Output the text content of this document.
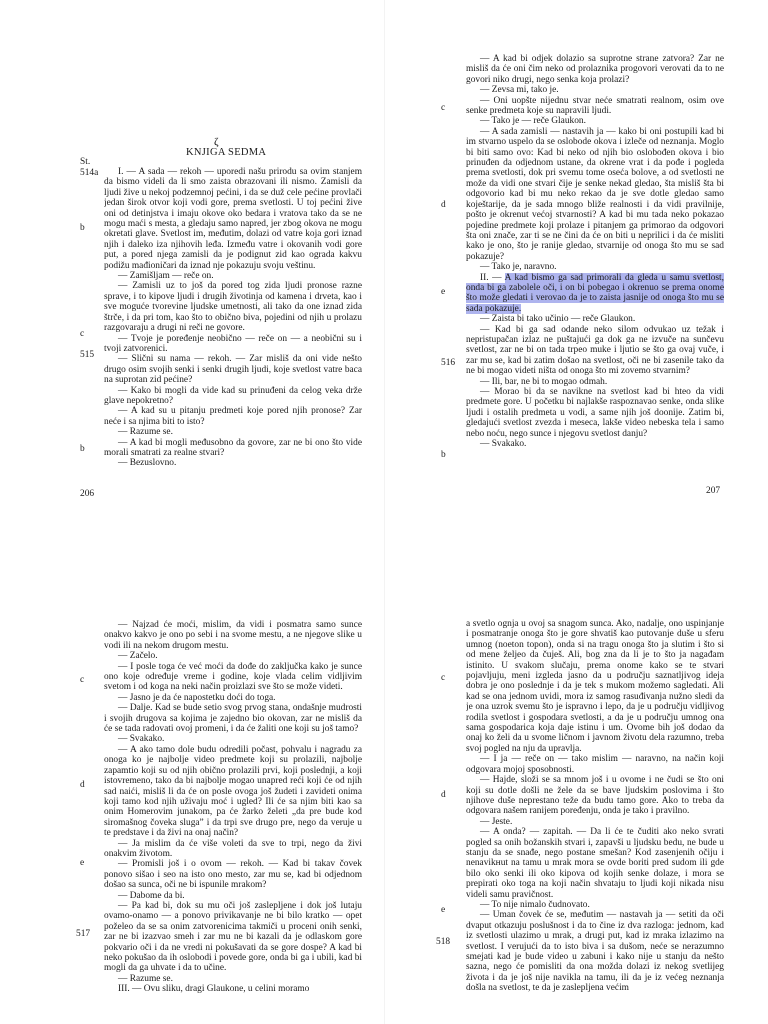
ζ
KNJIGA SEDMA
St.
514a
b
c
515
b

I. — A sada — rekoh — uporedi našu prirodu sa ovim stanjem da bismo videli da li smo zaista obrazovani ili nismo. Zamisli da ljudi žive u nekoj podzemnoj pećini, i da se duž cele pećine provlači jedan širok otvor koji vodi gore, prema svetlosti. U toj pećini žive oni od detinjstva i imaju okove oko bedara i vratova tako da se ne mogu maći s mesta, a gledaju samo napred, jer zbog okova ne mogu okretati glave. Svetlost im, međutim, dolazi od vatre koja gori iznad njih i daleko iza njihovih leđa. Između vatre i okovanih vodi gore put, a pored njega zamisli da je podignut zid kao ograda kakvu podižu mađioničari da iznad nje pokazuju svoju veštinu.

— Zamišljam — reče on.

— Zamisli uz to još da pored tog zida ljudi pronose razne sprave, i to kipove ljudi i drugih životinja od kamena i drveta, kao i sve moguće tvorevine ljudske umetnosti, ali tako da one iznad zida štrče, i da pri tom, kao što to obično biva, pojedini od njih u prolazu razgovaraju a drugi ni reči ne govore.

— Tvoje je poređenje neobično — reče on — a neobični su i tvoji zatvorenici.

— Slični su nama — rekoh. — Zar misliš da oni vide nešto drugo osim svojih senki i senki drugih ljudi, koje svetlost vatre baca na suprotan zid pećine?

— Kako bi mogli da vide kad su prinuđeni da celog veka drže glave nepokretno?

— A kad su u pitanju predmeti koje pored njih pronose? Zar neće i sa njima biti to isto?

— Razume se.

— A kad bi mogli međusobno da govore, zar ne bi ono što vide morali smatrati za realne stvari?

— Bezuslovno.

206
c
d
e
516
b

— A kad bi odjek dolazio sa suprotne strane zatvora? Zar ne misliš da će oni čim neko od prolaznika progovori verovati da to ne govori niko drugi, nego senka koja prolazi?

— Zevsa mi, tako je.

— Oni uopšte nijednu stvar neće smatrati realnom, osim ove senke predmeta koje su napravili ljudi.

— Tako je — reče Glaukon.

— A sada zamisli — nastavih ja — kako bi oni postupili kad bi im stvarno uspelo da se oslobode okova i izleče od neznanja. Moglo bi biti samo ovo: Kad bi neko od njih bio oslobođen okova i bio prinuđen da odjednom ustane, da okrene vrat i da pođe i pogleda prema svetlosti, dok pri svemu tome oseća bolove, a od svetlosti ne može da vidi one stvari čije je senke nekad gledao, šta misliš šta bi odgovorio kad bi mu neko rekao da je sve dotle gledao samo koještarije, da je sada mnogo bliže realnosti i da vidi pravilnije, pošto je okrenut većoj stvarnosti? A kad bi mu tada neko pokazao pojedine predmete koji prolaze i pitanjem ga primorao da odgovori šta oni znače, zar ti se ne čini da će on biti u neprilici i da će misliti kako je ono, što je ranije gledao, stvarnije od onoga što mu se sad pokazuje?

— Tako je, naravno.

II. — A kad bismo ga sad primorali da gleda u samu svetlost, onda bi ga zabolele oči, i on bi pobegao i okrenuo se prema onome što može gledati i verovao da je to zaista jasnije od onoga što mu se sada pokazuje.

— Zaista bi tako učinio — reče Glaukon.

— Kad bi ga sad odande neko silom odvukao uz težak i nepristupačan izlaz ne puštajući ga dok ga ne izvuče na sunčevu svetlost, zar ne bi on tada trpeo muke i ljutio se što ga ovaj vuče, i zar mu se, kad bi zatim došao na svetlost, oči ne bi zasenile tako da ne bi mogao videti ništa od onoga što mi zovemo stvarnim?

— Ili, bar, ne bi to mogao odmah.

— Morao bi da se navikne na svetlost kad bi hteo da vidi predmete gore. U početku bi najlakše raspoznavao senke, onda slike ljudi i ostalih predmeta u vodi, a same njih još doonije. Zatim bi, gledajući svetlost zvezda i meseca, lakše video nebeska tela i samo nebo noću, nego sunce i njegovu svetlost danju?

— Svakako.

207
c
d
e
517

— Najzad će moći, mislim, da vidi i posmatra samo sunce onakvo kakvo je ono po sebi i na svome mestu, a ne njegove slike u vodi ili na nekom drugom mestu.

— Začelo.

— I posle toga će već moći da dođe do zaključka kako je sunce ono koje određuje vreme i godine, koje vlada celim vidljivim svetom i od koga na neki način proizlazi sve što se može videti.

— Jasno je da će napostetku doći do toga.

— Dalje. Kad se bude setio svog prvog stana, ondašnje mudrosti i svojih drugova sa kojima je zajedno bio okovan, zar ne misliš da će se tada radovati ovoj promeni, i da će žaliti one koji su još tamo?

— Svakako.

— A ako tamo dole budu odredili počast, pohvalu i nagradu za onoga ko je najbolje video predmete koji su prolazili, najbolje zapamtio koji su od njih obično prolazili prvi, koji poslednji, a koji istovremeno, tako da bi najbolje mogao unapred reći koji će od njih sad naići, misliš li da će on posle ovoga još žudeti i zavideti onima koji tamo kod njih uživaju moć i ugled? Ili će sa njim biti kao sa onim Homerovim junakom, pa će žarko želeti „da pre bude kod siromašnog čoveka sluga” i da trpi sve drugo pre, nego da veruje u te predstave i da živi na onaj način?

— Ja mislim da će više voleti da sve to trpi, nego da živi onakvim životom.

— Promisli još i o ovom — rekoh. — Kad bi takav čovek ponovo sišao i seo na isto ono mesto, zar mu se, kad bi odjednom došao sa sunca, oči ne bi ispunile mrakom?

— Dabome da bi.

— Pa kad bi, dok su mu oči još zaslepljene i dok još lutaju ovamo-onamo — a ponovo privikavanje ne bi bilo kratko — opet poželeo da se sa onim zatvorenicima takmiči u proceni onih senki, zar ne bi izazvao smeh i zar mu ne bi kazali da je odlaskom gore pokvario oči i da ne vredi ni pokušavati da se gore dospe? A kad bi neko pokušao da ih oslobodi i povede gore, onda bi ga i ubili, kad bi mogli da ga uhvate i da to učine.

— Razume se.

III. — Ovu sliku, dragi Glaukone, u celini moramo

c
d
e
518

a svetlo ognja u ovoj sa snagom sunca. Ako, nadalje, ono uspinjanje i posmatranje onoga što je gore shvatiš kao putovanje duše u sferu umnog (noeton topon), onda si na tragu onoga što ja slutim i što si od mene željeo da čuješ. Ali, bog zna da li je to što ja nagađam istinito. U svakom slučaju, prema onome kako se te stvari pojavljuju, meni izgleda jasno da u području saznatljivog ideja dobra je ono poslednje i da je tek s mukom možemo sagledati. Ali kad se ona jednom uvidi, mora iz samog rasuđivanja nužno sledi da je ona uzrok svemu što je ispravno i lepo, da je u području vidljivog rodila svetlost i gospodara svetlosti, a da je u području umnog ona sama gospodarica koja daje istinu i um. Ovome bih još dodao da onaj ko želi da u svome ličnom i javnom životu dela razumno, treba svoj pogled na nju da upravlja.

— I ja — reče on — tako mislim — naravno, na način koji odgovara mojoj sposobnosti.

— Hajde, složi se sa mnom još i u ovome i ne čudi se što oni koji su dotle došli ne žele da se bave ljudskim poslovima i što njihove duše neprestano teže da budu tamo gore. Ako to treba da odgovara našem ranijem poređenju, onda je tako i pravilno.

— Jeste.

— A onda? — zapitah. — Da li će te čuditi ako neko svrati pogled sa onih božanskih stvari i, zapavši u ljudsku bedu, ne bude u stanju da se snađe, nego postane smešan? Kod zasenjenih očiju i nenavikнut na tamu u mrak mora se ovde boriti pred sudom ili gde bilo oko senki ili oko kipova od kojih senke dolaze, i mora se prepirati oko toga na koji način shvataju to ljudi koji nikada nisu videli samu pravičnost.

— To nije nimalo čudnovato.

— Uman čovek će se, međutim — nastavah ja — setiti da oči dvaput otkazuju poslušnost i da to čine iz dva razloga: jednom, kad iz svetlosti ulazimo u mrak, a drugi put, kad iz mraka izlazimo na svetlost. I verujući da to isto biva i sa dušom, neće se nerazumno smejati kad je bude video u zabuni i kako nije u stanju da nešto sazna, nego će pomisliti da ona možda dolazi iz nekog svetlijeg života i da je još nije navikla na tamu, ili da je iz većeg neznanja došla na svetlost, te da je zaslepljena većim
